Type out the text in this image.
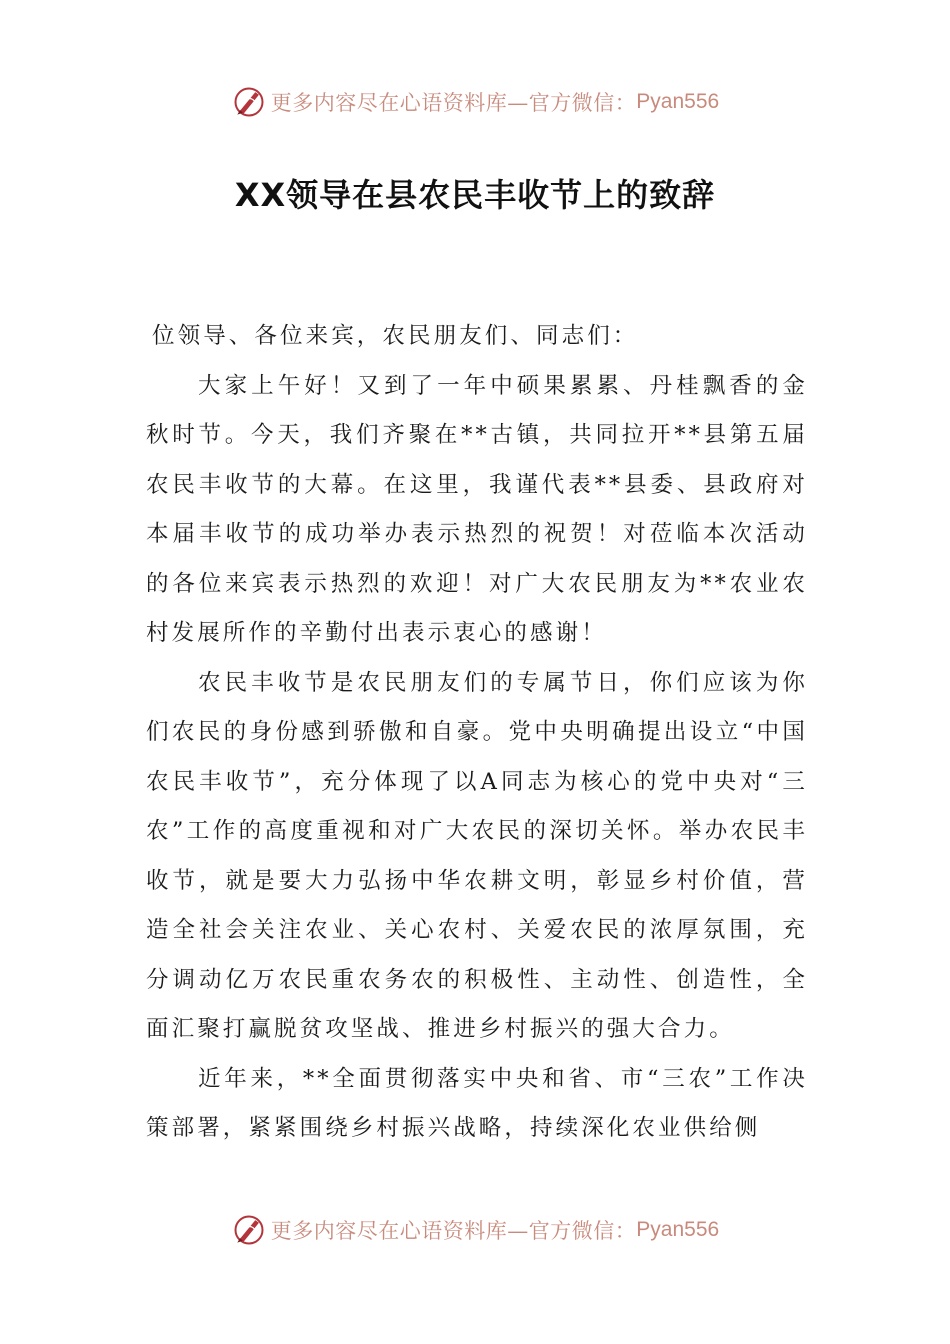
更多内容尽在心语资料库—官方微信： Pyan556
XX领导在县农民丰收节上的致辞

位领导、各位来宾，农民朋友们、同志们：

大家上午好！又到了一年中硕果累累、丹桂飘香的金秋时节。今天，我们齐聚在**古镇，共同拉开**县第五届农民丰收节的大幕。在这里，我谨代表**县委、县政府对本届丰收节的成功举办表示热烈的祝贺！对莅临本次活动的各位来宾表示热烈的欢迎！对广大农民朋友为**农业农村发展所作的辛勤付出表示衷心的感谢！

农民丰收节是农民朋友们的专属节日，你们应该为你们农民的身份感到骄傲和自豪。党中央明确提出设立“中国农民丰收节”，充分体现了以A同志为核心的党中央对“三农”工作的高度重视和对广大农民的深切关怀。举办农民丰收节，就是要大力弘扬中华农耕文明，彰显乡村价值，营造全社会关注农业、关心农村、关爱农民的浓厚氛围，充分调动亿万农民重农务农的积极性、主动性、创造性，全面汇聚打赢脱贫攻坚战、推进乡村振兴的强大合力。

近年来，**全面贯彻落实中央和省、市“三农”工作决策部署，紧紧围绕乡村振兴战略，持续深化农业供给侧

更多内容尽在心语资料库—官方微信： Pyan556
